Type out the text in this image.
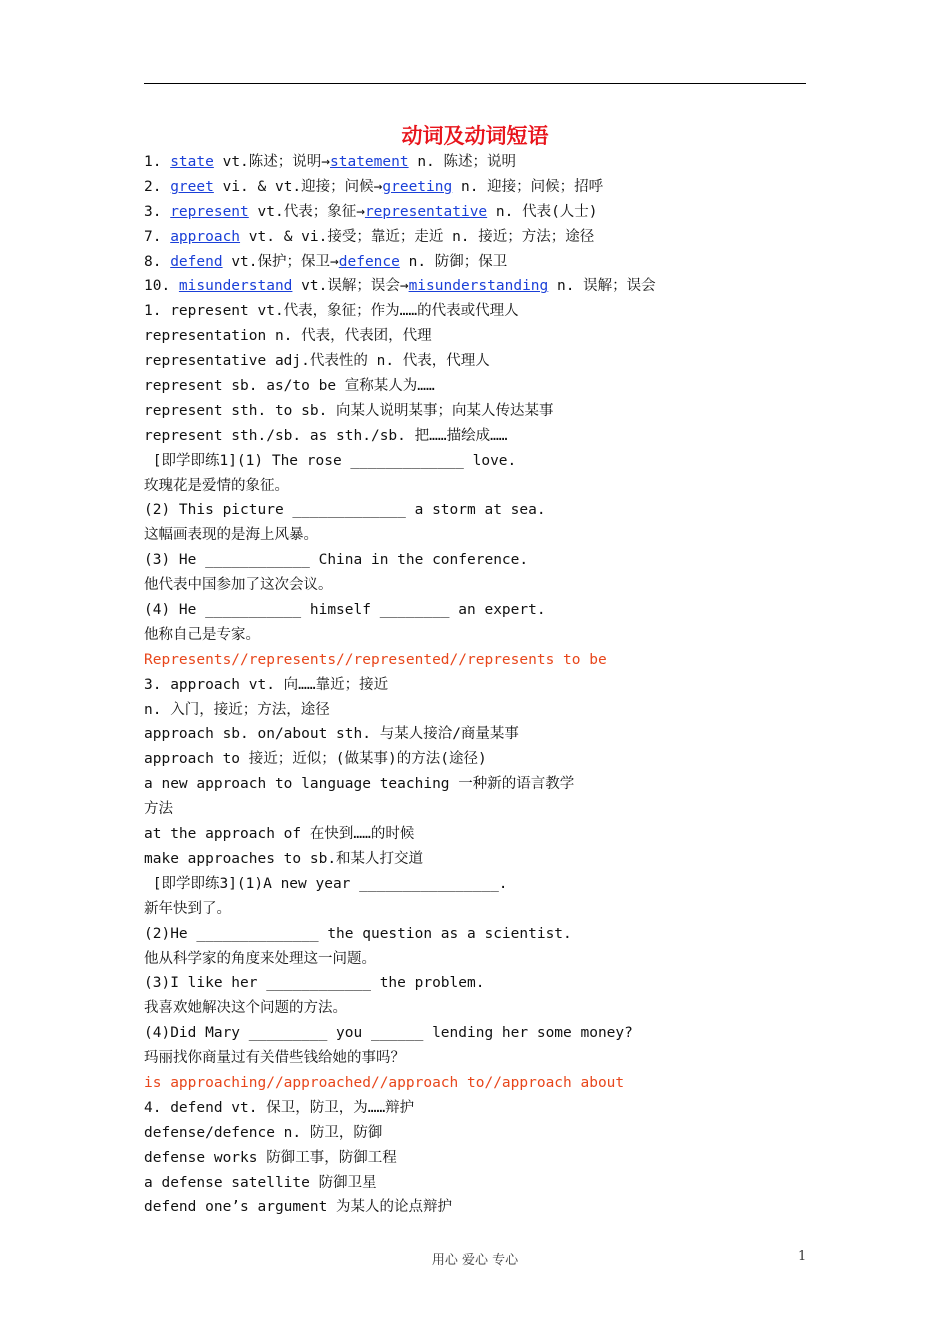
动词及动词短语
1. state vt.陈述；说明→statement n. 陈述；说明
2. greet vi. & vt.迎接；问候→greeting n. 迎接；问候；招呼
3. represent vt.代表；象征→representative n. 代表(人士)
7. approach vt. & vi.接受；靠近；走近 n. 接近；方法；途径
8. defend vt.保护；保卫→defence n. 防御；保卫
10. misunderstand vt.误解；误会→misunderstanding n. 误解；误会
1. represent vt.代表，象征；作为……的代表或代理人
representation n. 代表，代表团，代理
representative adj.代表性的 n. 代表，代理人
represent sb. as/to be 宣称某人为……
represent sth. to sb. 向某人说明某事；向某人传达某事
represent sth./sb. as sth./sb. 把……描绘成……
[即学即练1](1) The rose _____________ love.
玫瑰花是爱情的象征。
(2) This picture _____________ a storm at sea.
这幅画表现的是海上风暴。
(3) He ____________ China in the conference.
他代表中国参加了这次会议。
(4) He ___________ himself ________ an expert.
他称自己是专家。
Represents//represents//represented//represents to be
3. approach vt. 向……靠近；接近
n. 入门，接近；方法，途径
approach sb. on/about sth. 与某人接洽/商量某事
approach to 接近；近似；(做某事)的方法(途径)
a new approach to language teaching 一种新的语言教学
方法
at the approach of 在快到……的时候
make approaches to sb.和某人打交道
[即学即练3](1)A new year ________________.
新年快到了。
(2)He ______________ the question as a scientist.
他从科学家的角度来处理这一问题。
(3)I like her ____________ the problem.
我喜欢她解决这个问题的方法。
(4)Did Mary _________ you ______ lending her some money?
玛丽找你商量过有关借些钱给她的事吗？
is approaching//approached//approach to//approach about
4. defend vt. 保卫，防卫，为……辩护
defense/defence n. 防卫，防御
defense works 防御工事，防御工程
a defense satellite 防御卫星
defend one’s argument 为某人的论点辩护
用心 爱心 专心	1
